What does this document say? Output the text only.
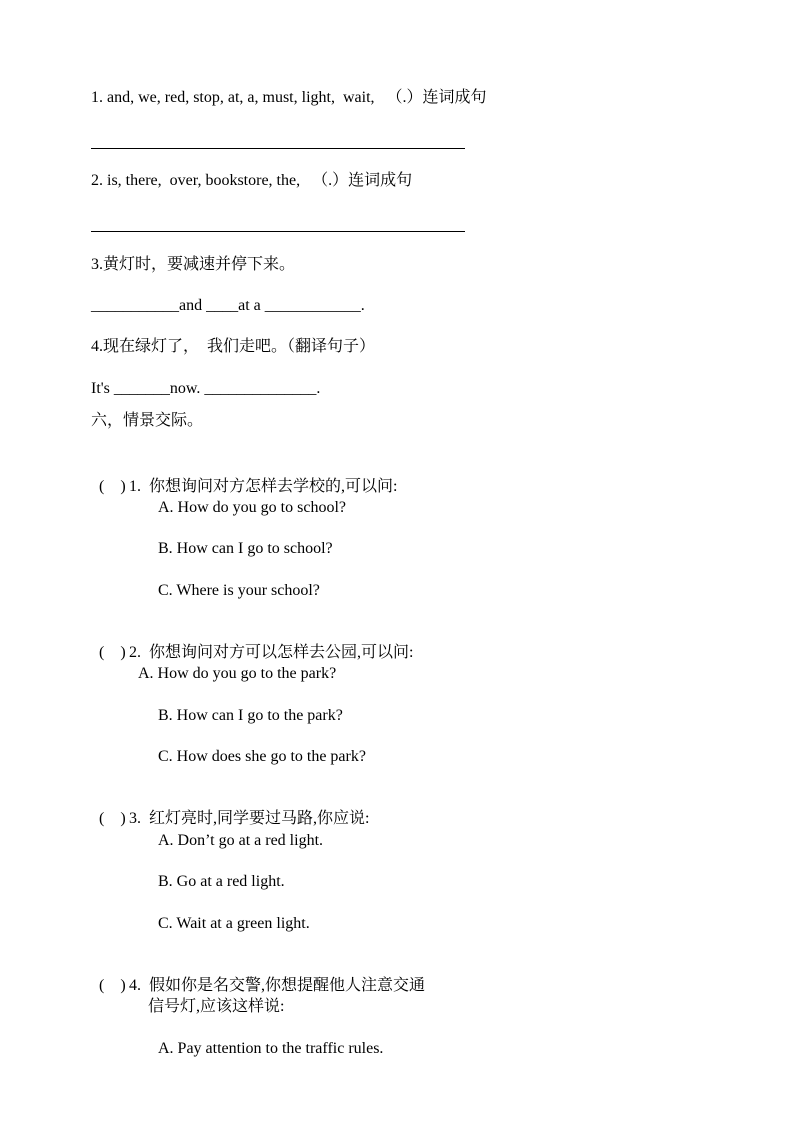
1. and, we, red, stop, at, a, must, light,  wait,   （.）连词成句
2. is, there,  over, bookstore, the,   （.）连词成句
3.黄灯时，要减速并停下来。
___________and ____at a ____________.
4.现在绿灯了，  我们走吧。（翻译句子）
It's _______now. ______________.
六，情景交际。

(    ) 1.  你想询问对方怎样去学校的,可以问:

A. How do you go to school?
B. How can I go to school?
C. Where is your school?

(    ) 2.  你想询问对方可以怎样去公园,可以问:

A. How do you go to the park?
B. How can I go to the park?
C. How does she go to the park?

(    ) 3.  红灯亮时,同学要过马路,你应说:

A. Don’t go at a red light.
B. Go at a red light.
C. Wait at a green light.

(    ) 4.  假如你是名交警,你想提醒他人注意交通

信号灯,应该这样说:
A. Pay attention to the traffic rules.
